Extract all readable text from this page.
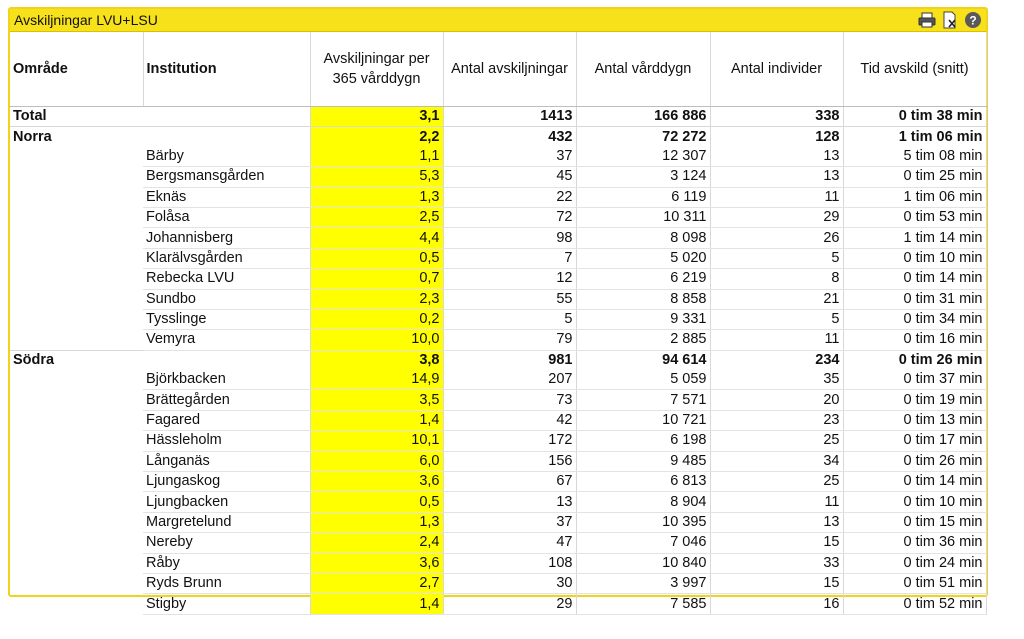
Avskiljningar LVU+LSU	?
Område	Institution	Avskiljningar per 365 vårddygn	Antal avskiljningar	Antal vårddygn	Antal individer	Tid avskild (snitt)
Total		3,1	1413	166 886	338	0 tim 38 min
Norra		2,2	432	72 272	128	1 tim 06 min
	Bärby	1,1	37	12 307	13	5 tim 08 min
	Bergsmansgården	5,3	45	3 124	13	0 tim 25 min
	Eknäs	1,3	22	6 119	11	1 tim 06 min
	Folåsa	2,5	72	10 311	29	0 tim 53 min
	Johannisberg	4,4	98	8 098	26	1 tim 14 min
	Klarälvsgården	0,5	7	5 020	5	0 tim 10 min
	Rebecka LVU	0,7	12	6 219	8	0 tim 14 min
	Sundbo	2,3	55	8 858	21	0 tim 31 min
	Tysslinge	0,2	5	9 331	5	0 tim 34 min
	Vemyra	10,0	79	2 885	11	0 tim 16 min
Södra		3,8	981	94 614	234	0 tim 26 min
	Björkbacken	14,9	207	5 059	35	0 tim 37 min
	Brättegården	3,5	73	7 571	20	0 tim 19 min
	Fagared	1,4	42	10 721	23	0 tim 13 min
	Hässleholm	10,1	172	6 198	25	0 tim 17 min
	Långanäs	6,0	156	9 485	34	0 tim 26 min
	Ljungaskog	3,6	67	6 813	25	0 tim 14 min
	Ljungbacken	0,5	13	8 904	11	0 tim 10 min
	Margretelund	1,3	37	10 395	13	0 tim 15 min
	Nereby	2,4	47	7 046	15	0 tim 36 min
	Råby	3,6	108	10 840	33	0 tim 24 min
	Ryds Brunn	2,7	30	3 997	15	0 tim 51 min
	Stigby	1,4	29	7 585	16	0 tim 52 min
